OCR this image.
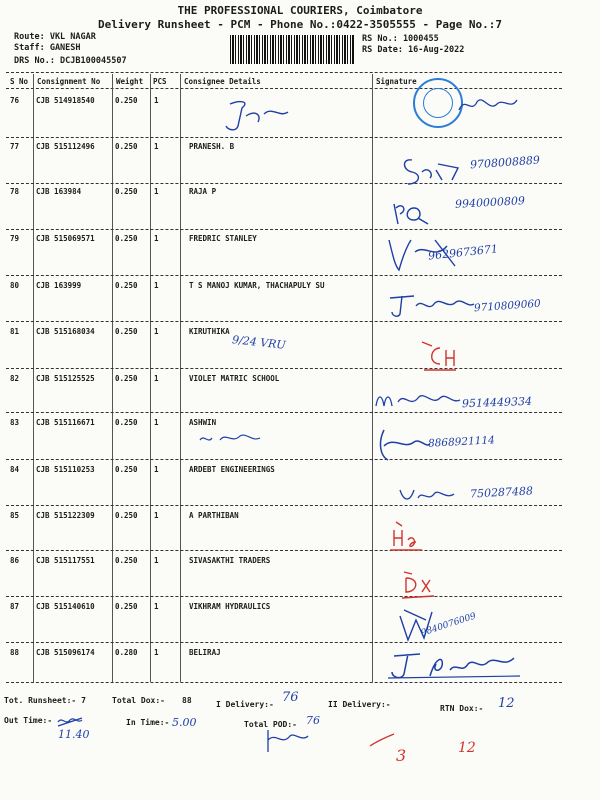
THE PROFESSIONAL COURIERS, Coimbatore
Delivery Runsheet - PCM - Phone No.:0422-3505555 - Page No.:7
Route: VKL NAGAR
Staff: GANESH
DRS No.: DCJB100045507
RS No.: 1000455
RS Date: 16-Aug-2022
S No Consignment No Weight PCS Consignee Details	Signature
76 CJB 514918540	0.250 1
77 CJB 515112496	0.250 1	PRANESH. B
78 CJB 163984	0.250 1	RAJA P
79 CJB 515069571	0.250 1	FREDRIC STANLEY
80 CJB 163999	0.250 1	T S MANOJ KUMAR, THACHAPULY SU
81 CJB 515168034	0.250 1	KIRUTHIKA
82 CJB 515125525	0.250 1	VIOLET MATRIC SCHOOL
83 CJB 515116671	0.250 1	ASHWIN
84 CJB 515110253	0.250 1	ARDEBT ENGINEERINGS
85 CJB 515122309	0.250 1	A PARTHIBAN
86 CJB 515117551	0.250 1	SIVASAKTHI TRADERS
87 CJB 515140610	0.250 1	VIKHRAM HYDRAULICS
88 CJB 515096174	0.280 1	BELIRAJ
​
9708008889
9940000809
9629673671
9710809060
9/24 VRU
9514449334
8868921114
750287488
9840076009
Tot. Runsheet:- 7	Total Dox:- 88	I Delivery:- 76	II Delivery:-	RTN Dox:- 12
Out Time:-
11.40
In Time:- 5.00	Total POD:- 76
3	12
